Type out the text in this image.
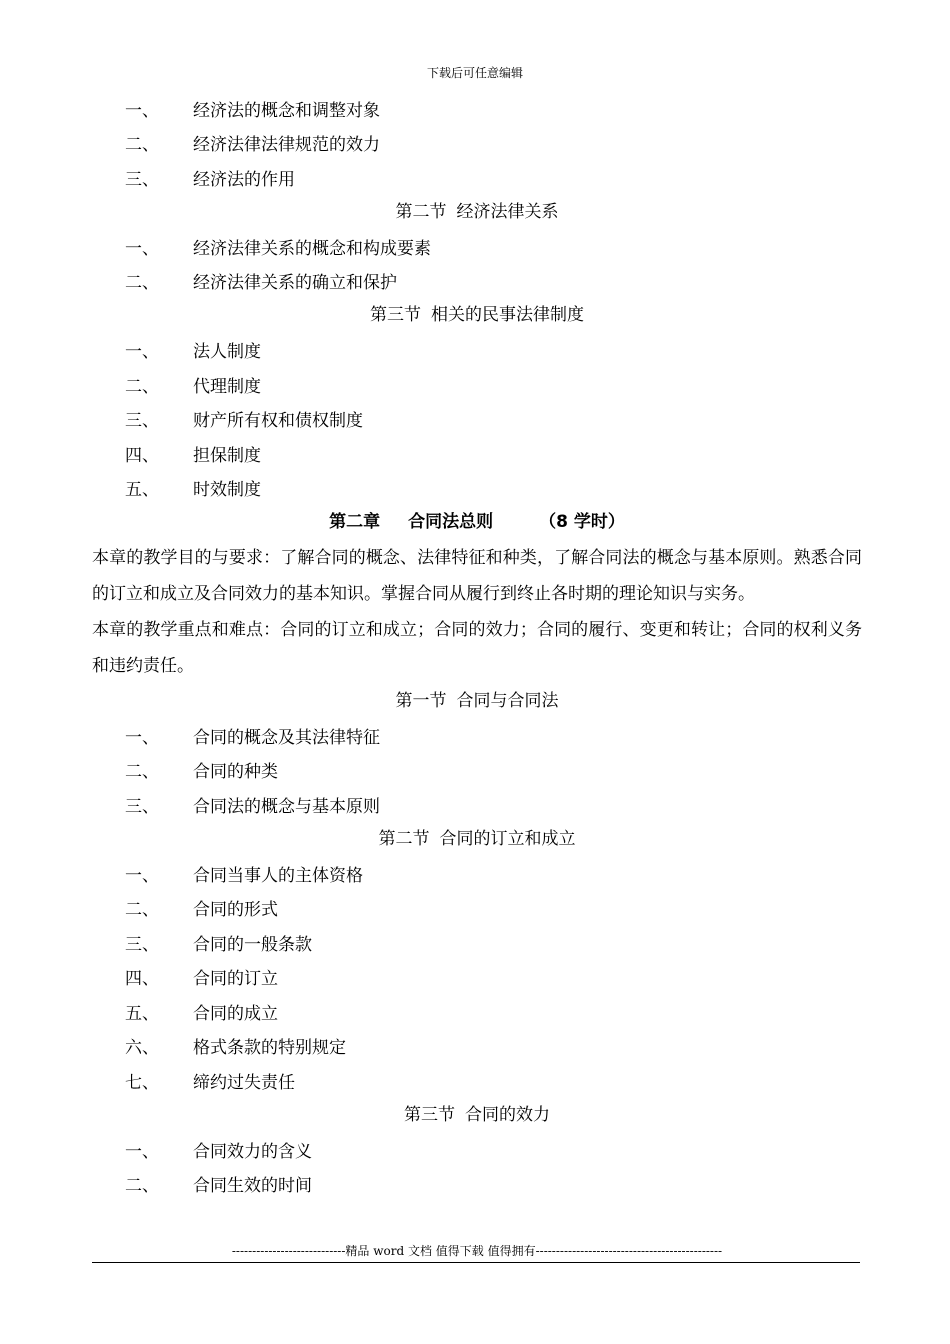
下载后可任意编辑
一、	经济法的概念和调整对象
二、	经济法律法律规范的效力
三、	经济法的作用
第二节 经济法律关系
一、	经济法律关系的概念和构成要素
二、	经济法律关系的确立和保护
第三节 相关的民事法律制度
一、	法人制度
二、	代理制度
三、	财产所有权和债权制度
四、	担保制度
五、	时效制度
第二章 合同法总则	（8 学时）
本章的教学目的与要求：了解合同的概念、法律特征和种类，了解合同法的概念与基本原则。熟悉合同的订立和成立及合同效力的基本知识。掌握合同从履行到终止各时期的理论知识与实务。
本章的教学重点和难点：合同的订立和成立；合同的效力；合同的履行、变更和转让；合同的权利义务和违约责任。
第一节 合同与合同法
一、	合同的概念及其法律特征
二、	合同的种类
三、	合同法的概念与基本原则
第二节 合同的订立和成立
一、	合同当事人的主体资格
二、	合同的形式
三、	合同的一般条款
四、	合同的订立
五、	合同的成立
六、	格式条款的特别规定
七、	缔约过失责任
第三节 合同的效力
一、	合同效力的含义
二、	合同生效的时间
----------------------------精品 word 文档 值得下载 值得拥有----------------------------------------------
